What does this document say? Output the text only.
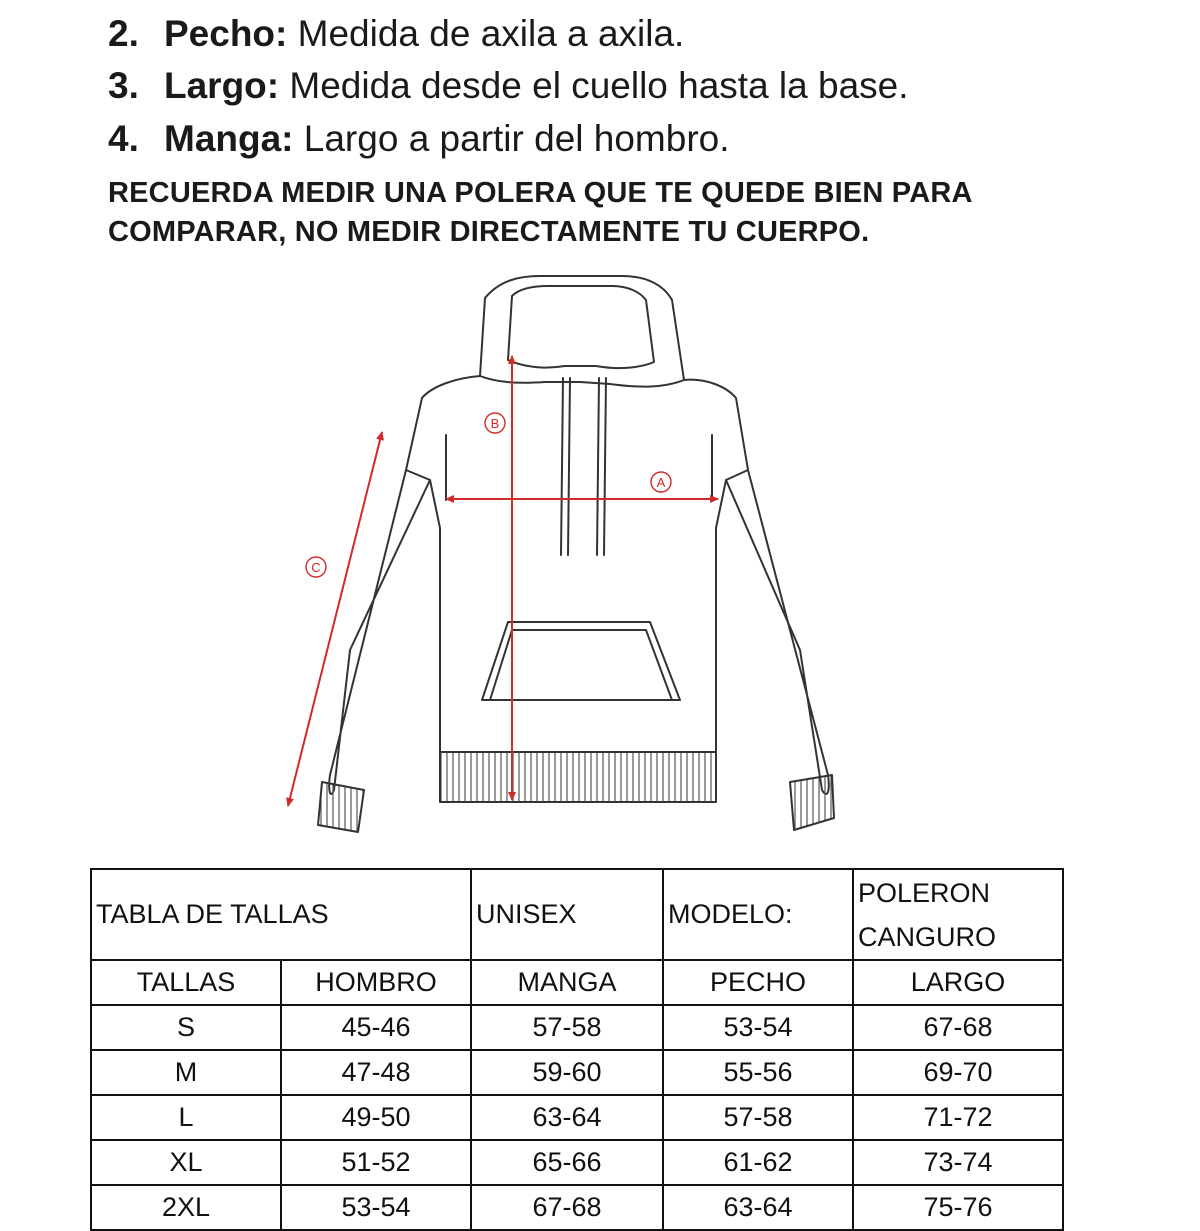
2. Pecho: Medida de axila a axila.
3. Largo: Medida desde el cuello hasta la base.
4. Manga: Largo a partir del hombro.
RECUERDA MEDIR UNA POLERA QUE TE QUEDE BIEN PARA
COMPARAR, NO MEDIR DIRECTAMENTE TU CUERPO.
A
B
C
TABLA DE TALLAS		UNISEX	MODELO:	POLERON
CANGURO

TALLAS	HOMBRO	MANGA	PECHO	LARGO
S	45-46	57-58	53-54	67-68
M	47-48	59-60	55-56	69-70
L	49-50	63-64	57-58	71-72
XL	51-52	65-66	61-62	73-74
2XL	53-54	67-68	63-64	75-76
